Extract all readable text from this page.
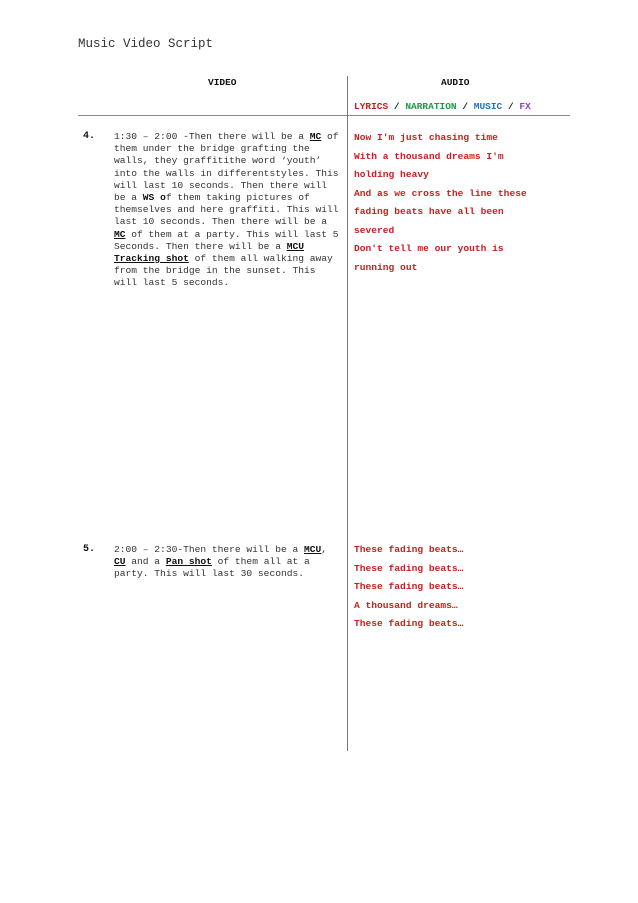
Music Video Script
VIDEO	AUDIO
LYRICS / NARRATION / MUSIC / FX
4. 1:30 – 2:00 -Then there will be a MC of them under the bridge grafting the walls, they graffitithe word ‘youth’ into the walls in differentstyles. This will last 10 seconds. Then there will be a WS of them taking pictures of themselves and here graffiti. This will last 10 seconds. Then there will be a MC of them at a party. This will last 5 Seconds. Then there will be a MCU Tracking shot of them all walking away from the bridge in the sunset. This will last 5 seconds.
Now I'm just chasing time
With a thousand dreams I'm
holding heavy
And as we cross the line these
fading beats have all been
severed
Don't tell me our youth is
running out
5. 2:00 – 2:30-Then there will be a MCU, CU and a Pan shot of them all at a party. This will last 30 seconds.
These fading beats…
These fading beats…
These fading beats…
A thousand dreams…
These fading beats…
